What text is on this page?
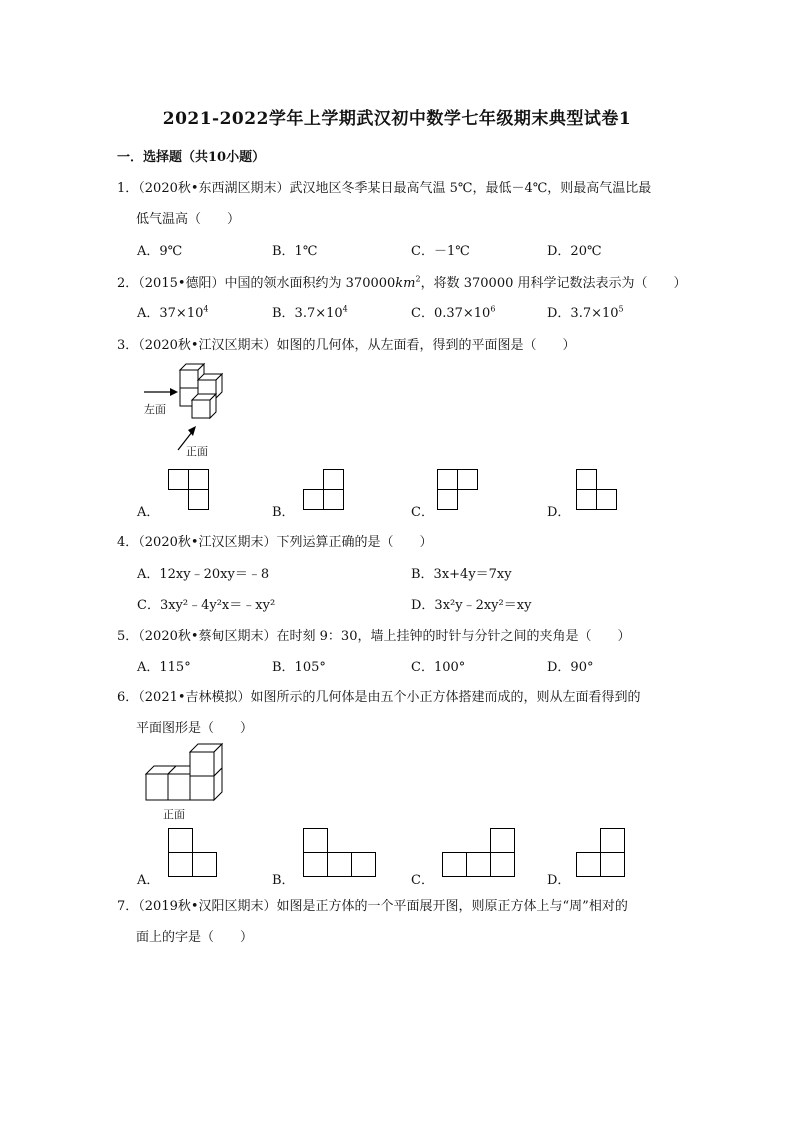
2021-2022学年上学期武汉初中数学七年级期末典型试卷1
一．选择题（共10小题）
1．（2020秋•东西湖区期末）武汉地区冬季某日最高气温 5℃，最低－4℃，则最高气温比最
低气温高（　　）
A．9℃	B．1℃	C．－1℃	D．20℃
2．（2015•德阳）中国的领水面积约为 $370000km^2$，将数 370000 用科学记数法表示为（　　）
A．$37\times 10^4$	B．$3.7\times 10^4$	C．$0.37\times 10^6$	D．$3.7\times 10^5$
3．（2020秋•江汉区期末）如图的几何体，从左面看，得到的平面图是（　　）
左面
正面
A．	B．	C．	D．
4．（2020秋•江汉区期末）下列运算正确的是（　　）
A．12xy﹣20xy＝﹣8	B．3x+4y＝7xy
C．3xy²﹣4y²x＝﹣xy²	D．3x²y﹣2xy²＝xy
5．（2020秋•蔡甸区期末）在时刻 9：30，墙上挂钟的时针与分针之间的夹角是（　　）
A．115°	B．105°	C．100°	D．90°
6．（2021•吉林模拟）如图所示的几何体是由五个小正方体搭建而成的，则从左面看得到的
平面图形是（　　）
正面
A．	B．	C．	D．
7．（2019秋•汉阳区期末）如图是正方体的一个平面展开图，则原正方体上与“周”相对的
面上的字是（　　）
